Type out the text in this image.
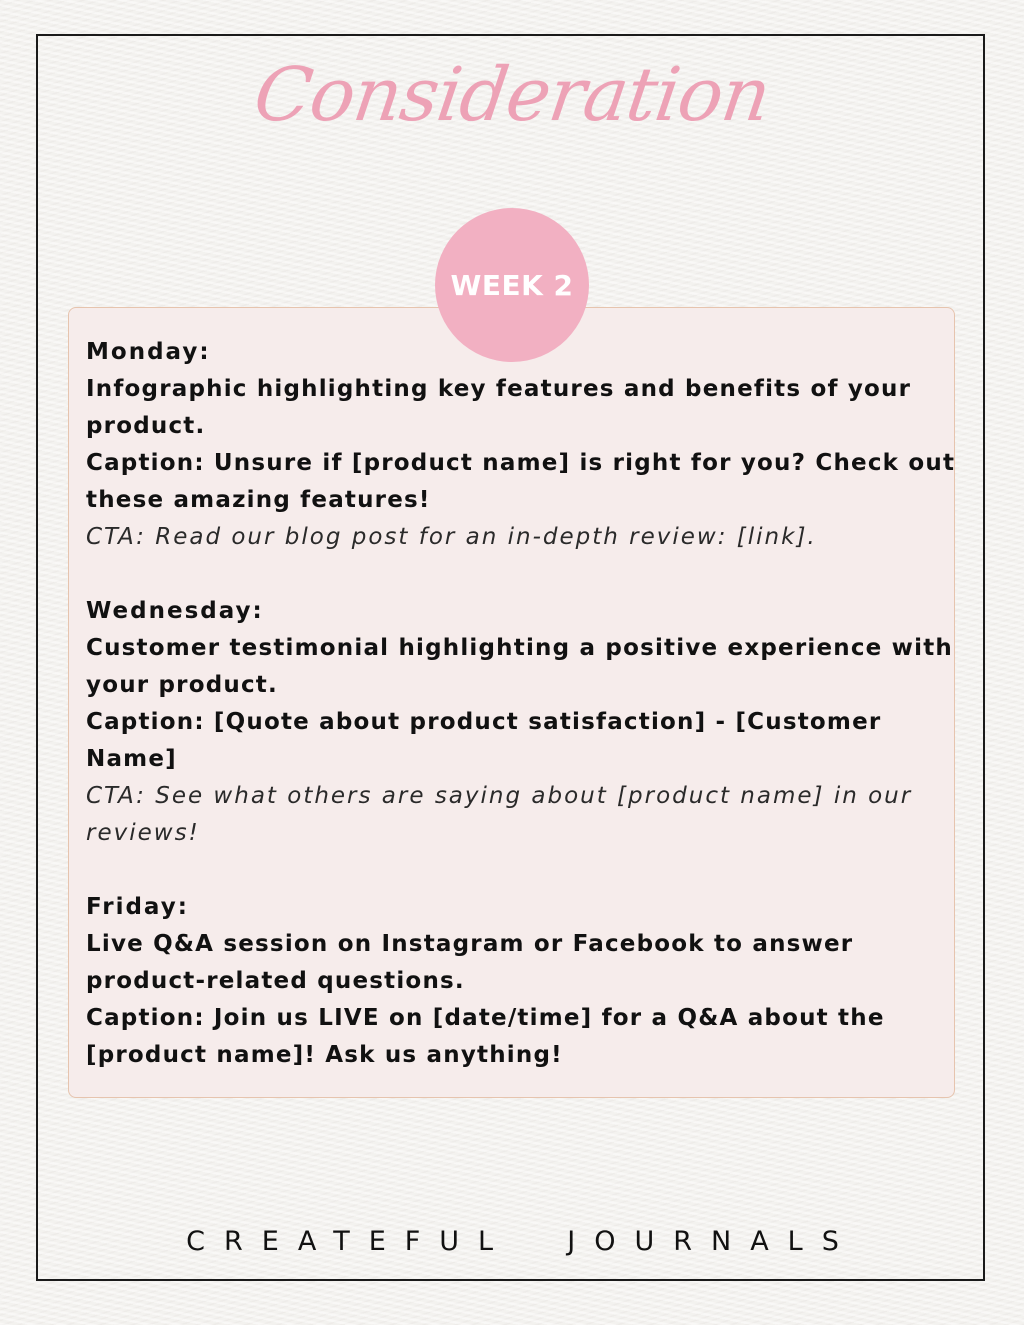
Consideration
WEEK 2
Monday:
Infographic highlighting key features and benefits of your
product.
Caption: Unsure if [product name] is right for you? Check out
these amazing features!
CTA: Read our blog post for an in-depth review: [link].
Wednesday:
Customer testimonial highlighting a positive experience with
your product.
Caption: [Quote about product satisfaction] - [Customer
Name]
CTA: See what others are saying about [product name] in our
reviews!
Friday:
Live Q&A session on Instagram or Facebook to answer
product-related questions.
Caption: Join us LIVE on [date/time] for a Q&A about the
[product name]! Ask us anything!
CREATEFUL  JOURNALS
